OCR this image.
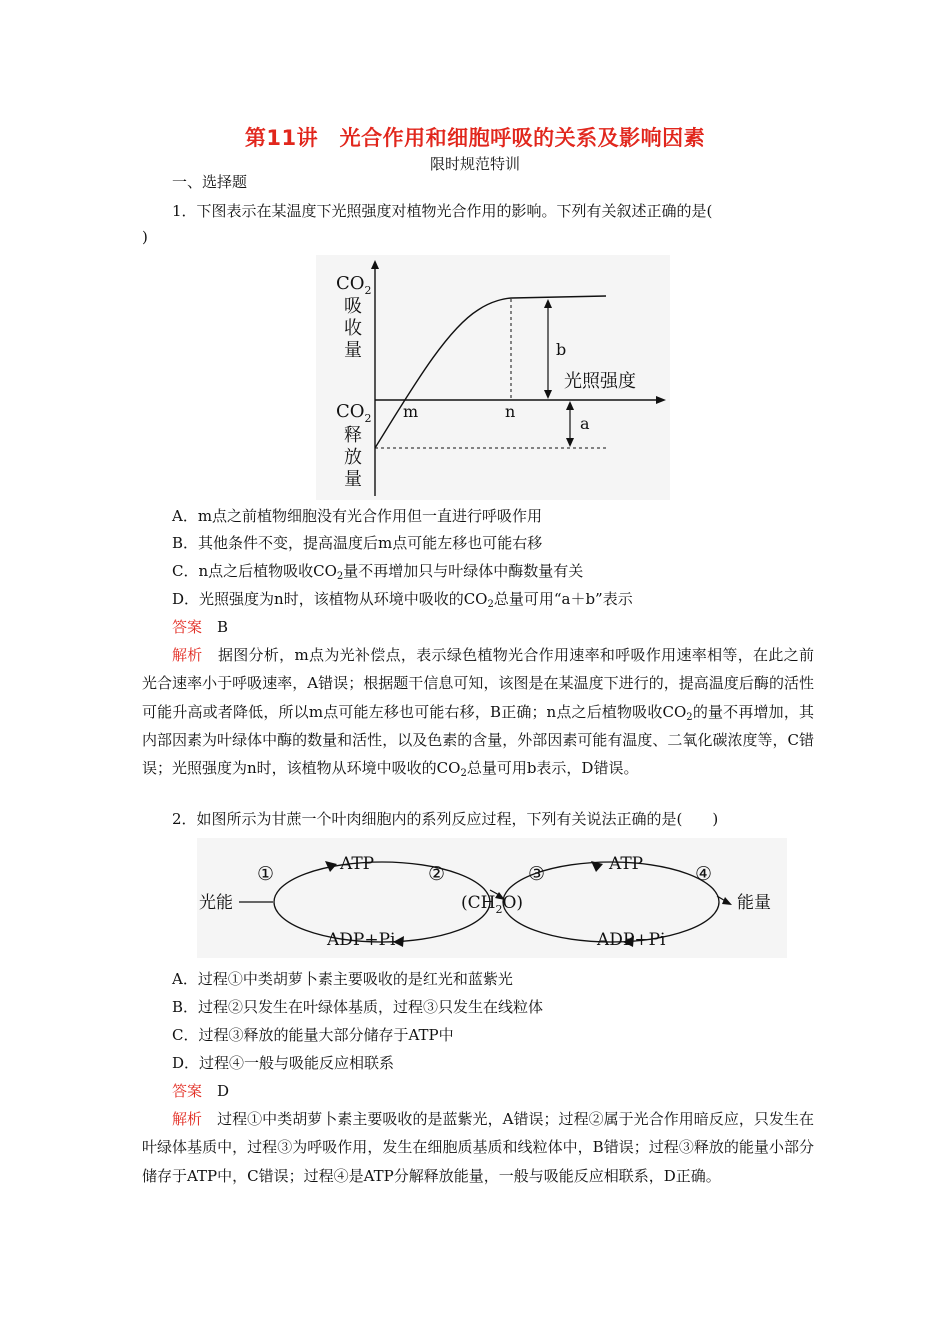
第11讲　光合作用和细胞呼吸的关系及影响因素
限时规范特训
一、选择题
1．下图表示在某温度下光照强度对植物光合作用的影响。下列有关叙述正确的是(
)
$CO_2$
吸
收
量
$CO_2$
释
放
量
光照强度
m	n
b
a
A．m点之前植物细胞没有光合作用但一直进行呼吸作用
B．其他条件不变，提高温度后m点可能左移也可能右移
C．n点之后植物吸收$CO_2$量不再增加只与叶绿体中酶数量有关
D．光照强度为n时，该植物从环境中吸收的$CO_2$总量可用“a＋b”表示
答案　 B
解析　 据图分析，m点为光补偿点，表示绿色植物光合作用速率和呼吸作用速率相等，在此之前光合速率小于呼吸速率，A错误；根据题干信息可知，该图是在某温度下进行的，提高温度后酶的活性可能升高或者降低，所以m点可能左移也可能右移，B正确；n点之后植物吸收$CO_2$的量不再增加，其内部因素为叶绿体中酶的数量和活性，以及色素的含量，外部因素可能有温度、二氧化碳浓度等，C错误；光照强度为n时，该植物从环境中吸收的$CO_2$总量可用b表示，D错误。
2．如图所示为甘蔗一个叶肉细胞内的系列反应过程，下列有关说法正确的是(　　)
光能
①	ATP	②
ADP+Pi
$(CH_2O)$
③	ATP	④
ADP+Pi
能量
A．过程①中类胡萝卜素主要吸收的是红光和蓝紫光
B．过程②只发生在叶绿体基质，过程③只发生在线粒体
C．过程③释放的能量大部分储存于ATP中
D．过程④一般与吸能反应相联系
答案　 D
解析　 过程①中类胡萝卜素主要吸收的是蓝紫光，A错误；过程②属于光合作用暗反应，只发生在叶绿体基质中，过程③为呼吸作用，发生在细胞质基质和线粒体中，B错误；过程③释放的能量小部分储存于ATP中，C错误；过程④是ATP分解释放能量，一般与吸能反应相联系，D正确。
